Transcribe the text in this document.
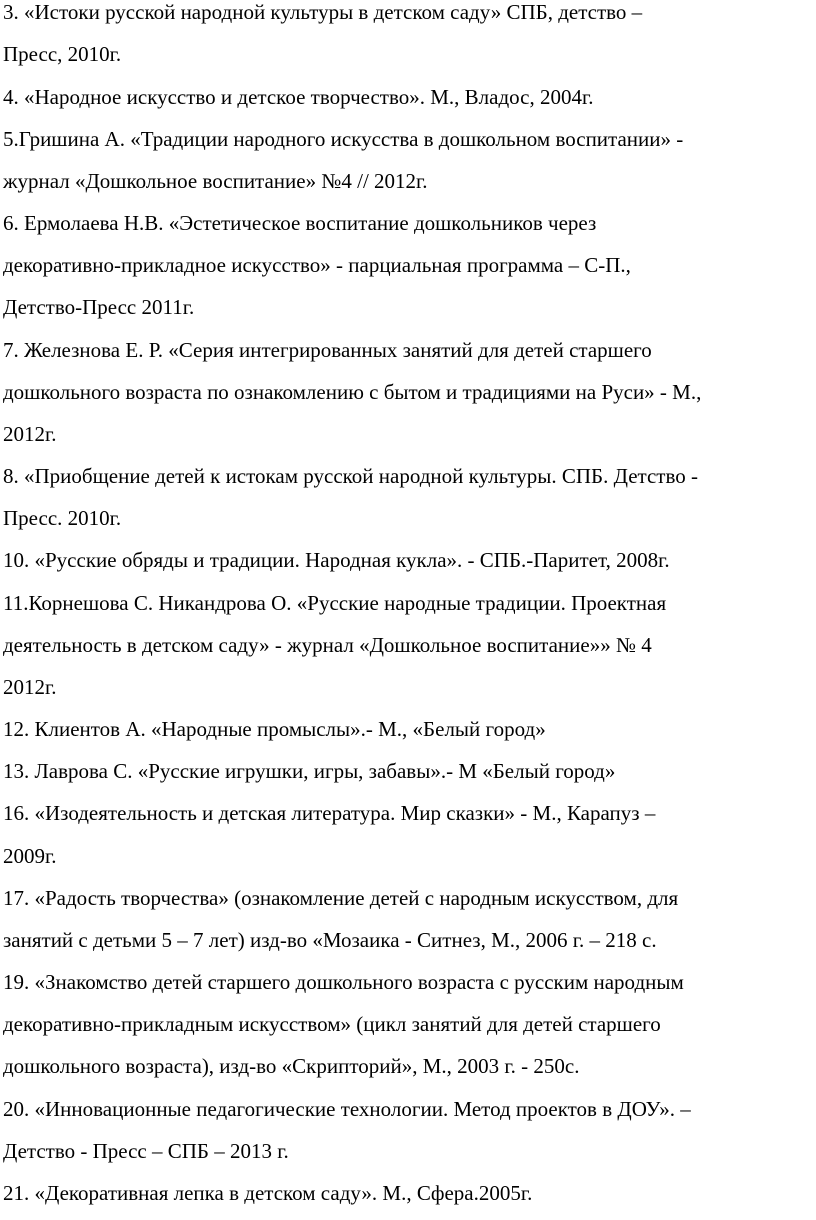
3. «Истоки русской народной культуры в детском саду» СПБ, детство –
Пресс, 2010г.
4. «Народное искусство и детское творчество». М., Владос, 2004г.
5.Гришина А. «Традиции народного искусства в дошкольном воспитании» -
журнал «Дошкольное воспитание» №4 // 2012г.
6. Ермолаева Н.В. «Эстетическое воспитание дошкольников через
декоративно-прикладное искусство» - парциальная программа – С-П.,
Детство-Пресс 2011г.
7. Железнова Е. Р. «Серия интегрированных занятий для детей старшего
дошкольного возраста по ознакомлению с бытом и традициями на Руси» - М.,
2012г.
8. «Приобщение детей к истокам русской народной культуры. СПБ. Детство -
Пресс. 2010г.
10. «Русские обряды и традиции. Народная кукла». - СПБ.-Паритет, 2008г.
11.Корнешова С. Никандрова О. «Русские народные традиции. Проектная
деятельность в детском саду» - журнал «Дошкольное воспитание»» № 4
2012г.
12. Клиентов А. «Народные промыслы».- М., «Белый город»
13. Лаврова С. «Русские игрушки, игры, забавы».- М «Белый город»
16. «Изодеятельность и детская литература. Мир сказки» - М., Карапуз –
2009г.
17. «Радость творчества» (ознакомление детей с народным искусством, для
занятий с детьми 5 – 7 лет) изд-во «Мозаика - Ситнез, М., 2006 г. – 218 с.
19. «Знакомство детей старшего дошкольного возраста с русским народным
декоративно-прикладным искусством» (цикл занятий для детей старшего
дошкольного возраста), изд-во «Скрипторий», М., 2003 г. - 250с.
20. «Инновационные педагогические технологии. Метод проектов в ДОУ». –
Детство - Пресс – СПБ – 2013 г.
21. «Декоративная лепка в детском саду». М., Сфера.2005г.
